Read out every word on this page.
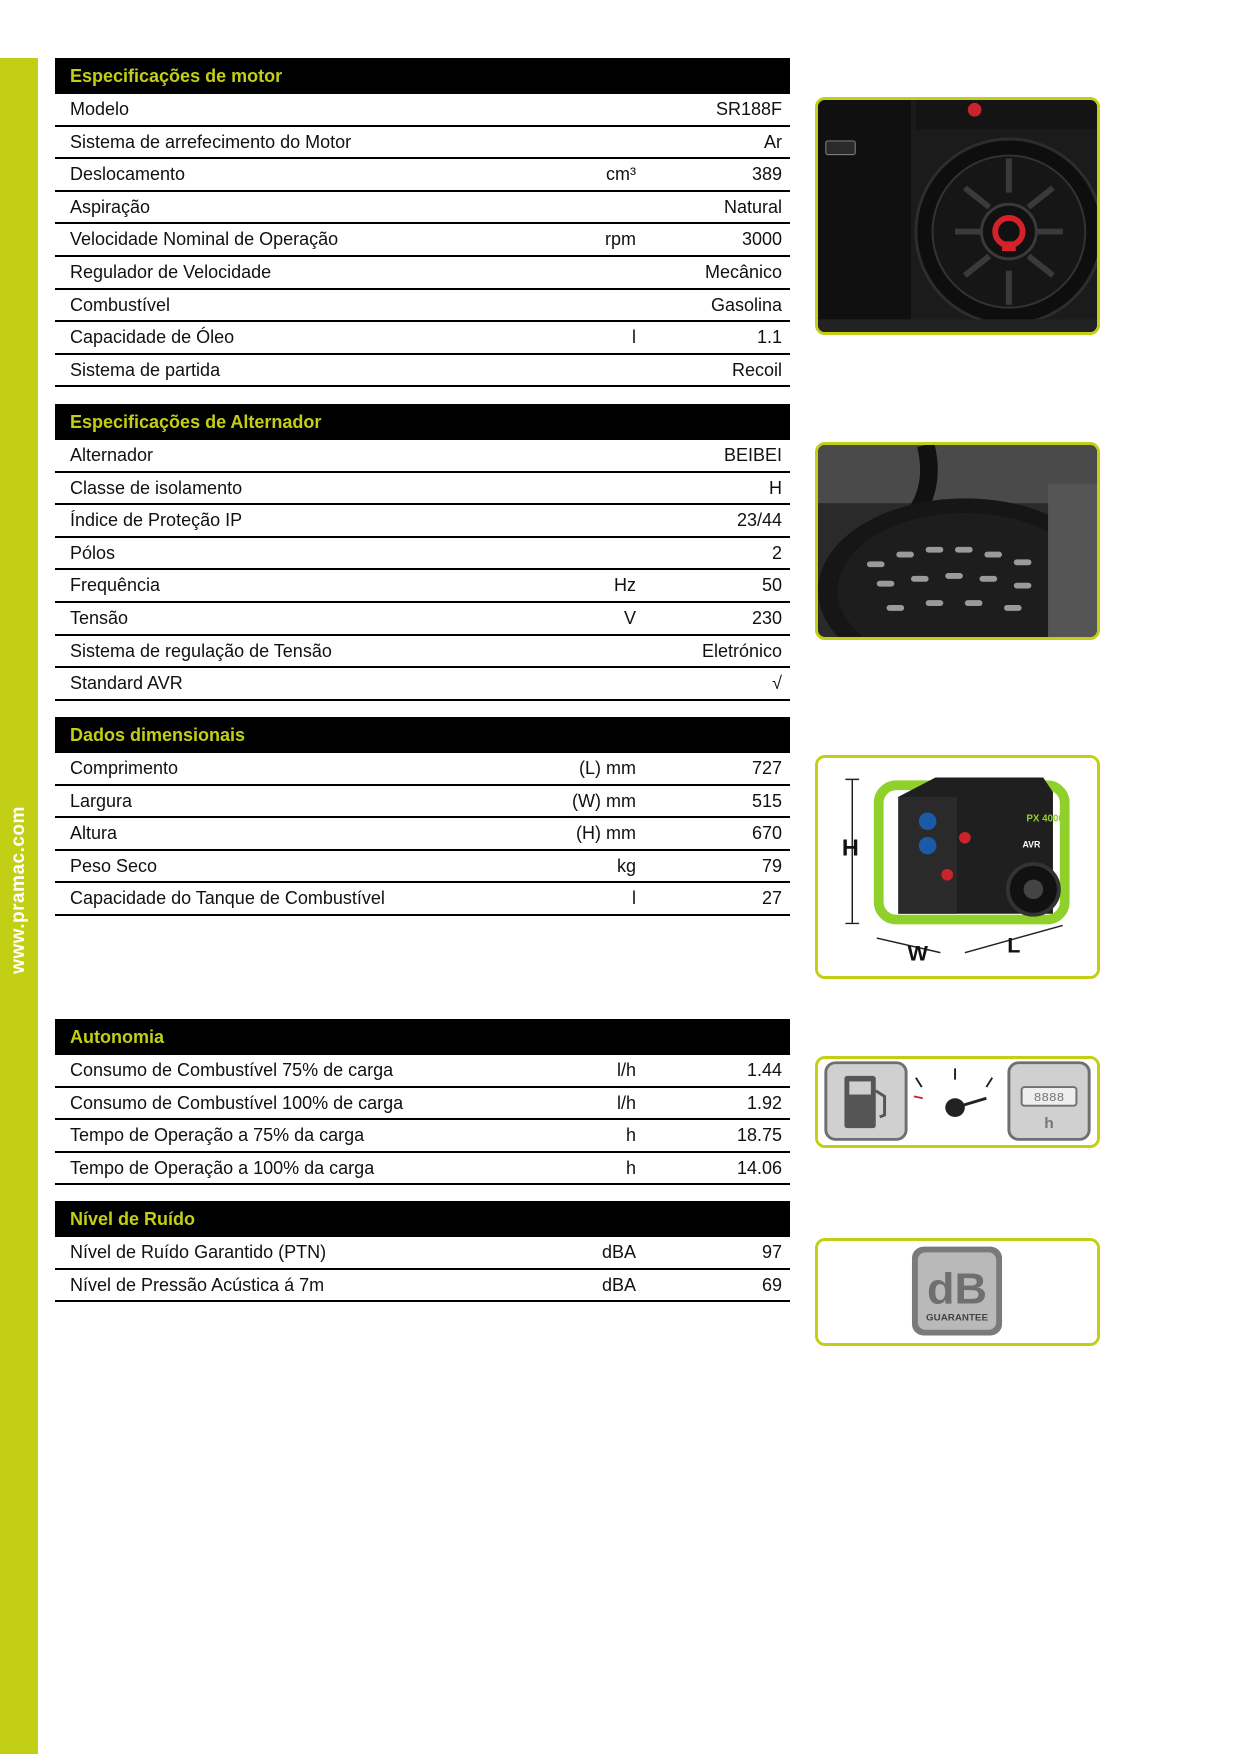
www.pramac.com
Especificações de motor
Modelo	SR188F
Sistema de arrefecimento do Motor	Ar
Deslocamento	cm³	389
Aspiração	Natural
Velocidade Nominal de Operação	rpm	3000
Regulador de Velocidade	Mecânico
Combustível	Gasolina
Capacidade de Óleo	l	1.1
Sistema de partida	Recoil
Especificações de Alternador
Alternador	BEIBEI
Classe de isolamento	H
Índice de Proteção IP	23/44
Pólos	2
Frequência	Hz	50
Tensão	V	230
Sistema de regulação de Tensão	Eletrónico
Standard AVR	√
Dados dimensionais
Comprimento	(L) mm	727
Largura	(W) mm	515
Altura	(H) mm	670
Peso Seco	kg	79
Capacidade do Tanque de Combustível	l	27
Autonomia
Consumo de Combustível 75% de carga	l/h	1.44
Consumo de Combustível 100% de carga	l/h	1.92
Tempo de Operação a 75% da carga	h	18.75
Tempo de Operação a 100% da carga	h	14.06
Nível de Ruído
Nível de Ruído Garantido (PTN)	dBA	97
Nível de Pressão Acústica á 7m	dBA	69
H
PX 4000
AVR
W	L
8888
h
dB
GUARANTEE
